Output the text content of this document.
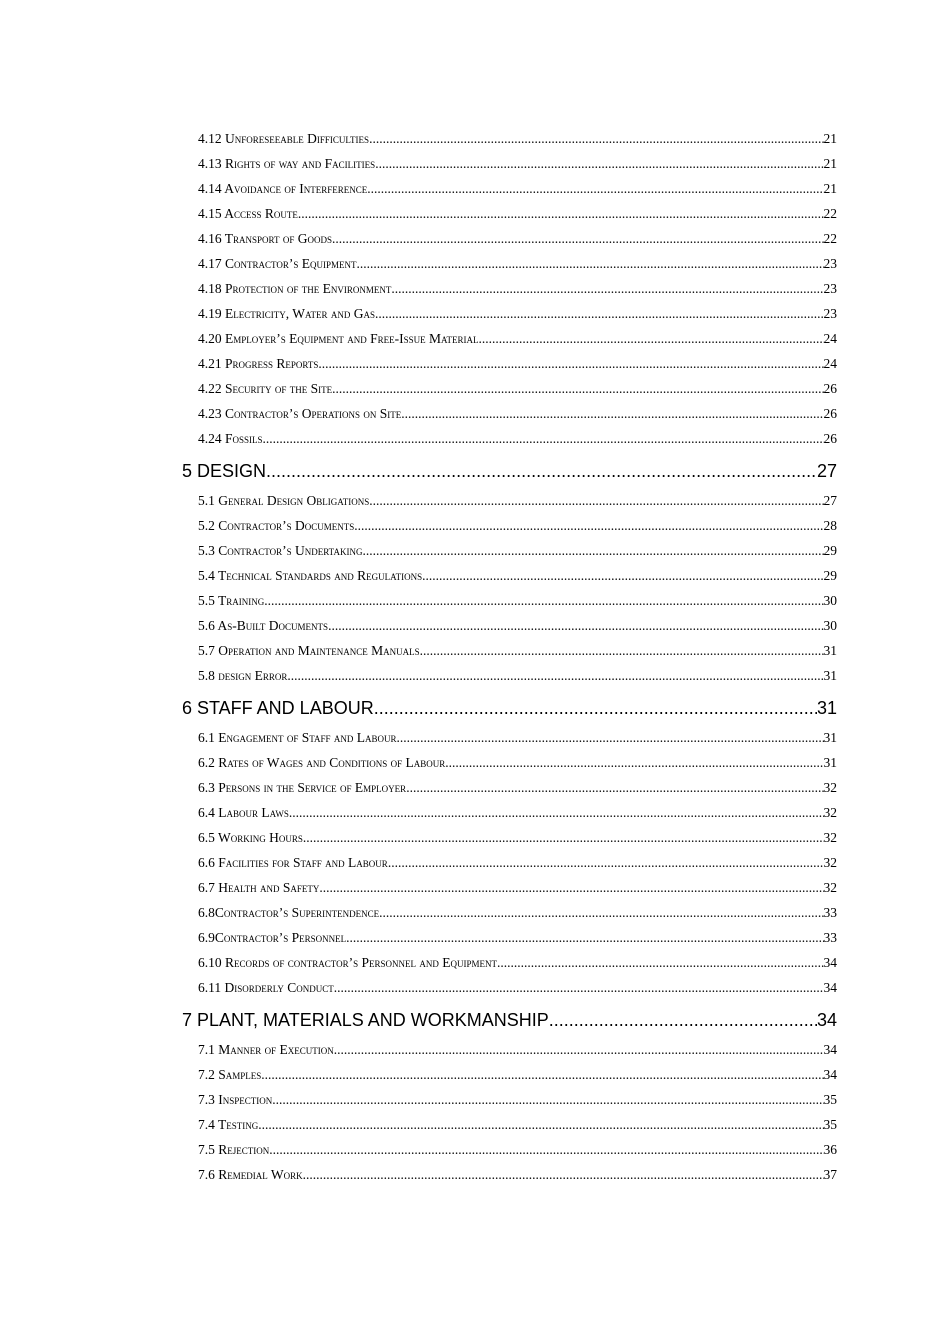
4.12 Unforeseeable Difficulties .....	21
4.13 Rights of way and Facilities .....	21
4.14 Avoidance of Interference .....	21
4.15 Access Route .....	22
4.16 Transport of Goods .....	22
4.17 Contractor’s Equipment .....	23
4.18 Protection of the Environment .....	23
4.19 Electricity, Water and Gas .....	23
4.20 Employer’s Equipment and Free-Issue Material .....	24
4.21 Progress Reports .....	24
4.22 Security of the Site .....	26
4.23 Contractor’s Operations on Site .....	26
4.24 Fossils .....	26
5 DESIGN .....	27
5.1 General Design Obligations .....	27
5.2 Contractor’s Documents .....	28
5.3 Contractor’s Undertaking .....	29
5.4 Technical Standards and Regulations .....	29
5.5 Training .....	30
5.6 As-Built Documents .....	30
5.7 Operation and Maintenance Manuals .....	31
5.8 design Error .....	31
6 STAFF AND LABOUR .....	31
6.1 Engagement of Staff and Labour .....	31
6.2 Rates of Wages and Conditions of Labour .....	31
6.3 Persons in the Service of Employer .....	32
6.4 Labour Laws .....	32
6.5 Working Hours .....	32
6.6 Facilities for Staff and Labour .....	32
6.7 Health and Safety .....	32
6.8Contractor’s Superintendence .....	33
6.9Contractor’s Personnel .....	33
6.10 Records of contractor’s Personnel and Equipment .....	34
6.11 Disorderly Conduct .....	34
7 PLANT, MATERIALS AND WORKMANSHIP .....	34
7.1 Manner of Execution .....	34
7.2 Samples .....	34
7.3 Inspection .....	35
7.4 Testing .....	35
7.5 Rejection .....	36
7.6 Remedial Work .....	37
